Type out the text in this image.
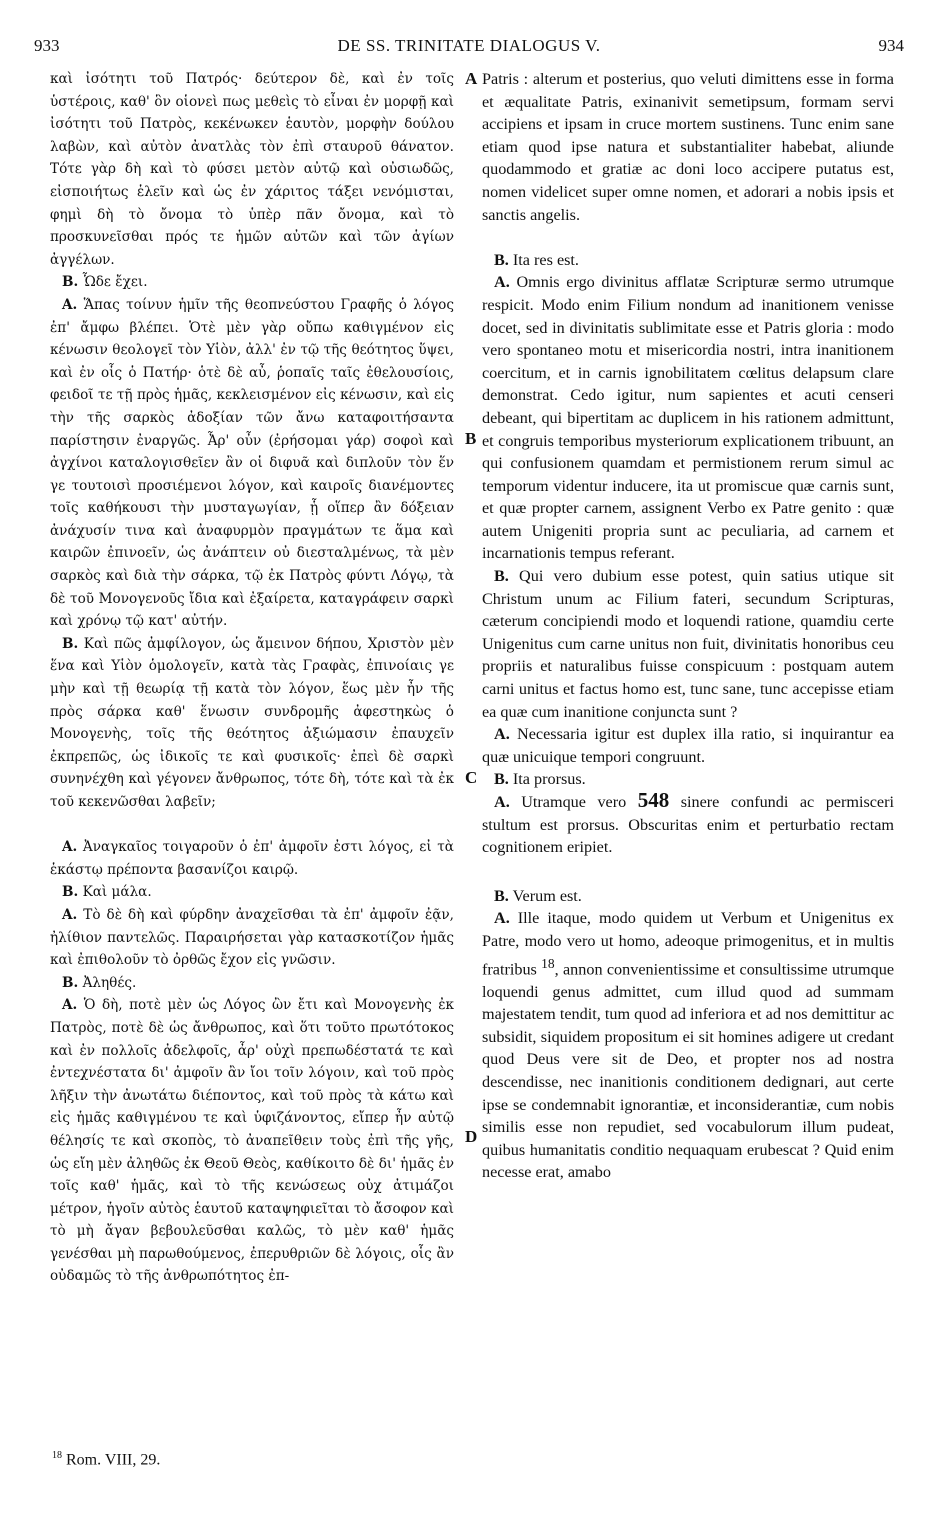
933	DE SS. TRINITATE DIALOGUS V.	934

καὶ ἰσότητι τοῦ Πατρός· δεύτερον δὲ, καὶ ἐν τοῖς ὑστέροις, καθ' ὃν οἱονεὶ πως μεθεὶς τὸ εἶναι ἐν μορφῇ καὶ ἰσότητι τοῦ Πατρὸς, κεκένωκεν ἑαυτὸν, μορφὴν δούλου λαβὼν, καὶ αὐτὸν ἀνατλὰς τὸν ἐπὶ σταυροῦ θάνατον. Τότε γὰρ δὴ καὶ τὸ φύσει μετὸν αὐτῷ καὶ οὐσιωδῶς, εἰσποιήτως ἑλεῖν καὶ ὡς ἐν χάριτος τάξει νενόμισται, φημὶ δὴ τὸ ὄνομα τὸ ὑπὲρ πᾶν ὄνομα, καὶ τὸ προσκυνεῖσθαι πρός τε ἡμῶν αὐτῶν καὶ τῶν ἁγίων ἀγγέλων.

B. Ὧδε ἔχει.

A. Ἅπας τοίνυν ἡμῖν τῆς θεοπνεύστου Γραφῆς ὁ λόγος ἐπ' ἄμφω βλέπει. Ὁτὲ μὲν γὰρ οὔπω καθιγμένον εἰς κένωσιν θεολογεῖ τὸν Υἱὸν, ἀλλ' ἐν τῷ τῆς θεότητος ὕψει, καὶ ἐν οἷς ὁ Πατήρ· ὁτὲ δὲ αὖ, ῥοπαῖς ταῖς ἐθελουσίοις, φειδοῖ τε τῇ πρὸς ἡμᾶς, κεκλεισμένον εἰς κένωσιν, καὶ εἰς τὴν τῆς σαρκὸς ἀδοξίαν τῶν ἄνω καταφοιτήσαντα παρίστησιν ἐναργῶς. Ἆρ' οὖν (ἐρήσομαι γάρ) σοφοὶ καὶ ἀγχίνοι καταλογισθεῖεν ἂν οἱ διφυᾶ καὶ διπλοῦν τὸν ἕν γε τουτοισὶ προσιέμενοι λόγον, καὶ καιροῖς διανέμοντες τοῖς καθήκουσι τὴν μυσταγωγίαν, ᾗ οἵπερ ἂν δόξειαν ἀνάχυσίν τινα καὶ ἀναφυρμὸν πραγμάτων τε ἅμα καὶ καιρῶν ἐπινοεῖν, ὡς ἀνάπτειν οὐ διεσταλμένως, τὰ μὲν σαρκὸς καὶ διὰ τὴν σάρκα, τῷ ἐκ Πατρὸς φύντι Λόγῳ, τὰ δὲ τοῦ Μονογενοῦς ἴδια καὶ ἐξαίρετα, καταγράφειν σαρκὶ καὶ χρόνῳ τῷ κατ' αὐτήν.

B. Καὶ πῶς ἀμφίλογον, ὡς ἄμεινον δήπου, Χριστὸν μὲν ἕνα καὶ Υἱὸν ὁμολογεῖν, κατὰ τὰς Γραφὰς, ἐπινοίαις γε μὴν καὶ τῇ θεωρίᾳ τῇ κατὰ τὸν λόγον, ἕως μὲν ἦν τῆς πρὸς σάρκα καθ' ἕνωσιν συνδρομῆς ἀφεστηκὼς ὁ Μονογενὴς, τοῖς τῆς θεότητος ἀξιώμασιν ἐπαυχεῖν ἐκπρεπῶς, ὡς ἰδικοῖς τε καὶ φυσικοῖς· ἐπεὶ δὲ σαρκὶ συνηνέχθη καὶ γέγονεν ἄνθρωπος, τότε δὴ, τότε καὶ τὰ ἐκ τοῦ κεκενῶσθαι λαβεῖν;

A. Ἀναγκαῖος τοιγαροῦν ὁ ἐπ' ἀμφοῖν ἐστι λόγος, εἰ τὰ ἑκάστῳ πρέποντα βασανίζοι καιρῷ.

B. Καὶ μάλα.

A. Τὸ δὲ δὴ καὶ φύρδην ἀναχεῖσθαι τὰ ἐπ' ἀμφοῖν ἐᾷν, ἠλίθιον παντελῶς. Παραιρήσεται γὰρ κατασκοτίζον ἡμᾶς καὶ ἐπιθολοῦν τὸ ὀρθῶς ἔχον εἰς γνῶσιν.

B. Ἀληθές.

A. Ὁ δὴ, ποτὲ μὲν ὡς Λόγος ὢν ἔτι καὶ Μονογενὴς ἐκ Πατρὸς, ποτὲ δὲ ὡς ἄνθρωπος, καὶ ὅτι τοῦτο πρωτότοκος καὶ ἐν πολλοῖς ἀδελφοῖς, ἆρ' οὐχὶ πρεπωδέστατά τε καὶ ἐντεχνέστατα δι' ἀμφοῖν ἂν ἴοι τοῖν λόγοιν, καὶ τοῦ πρὸς λῆξιν τὴν ἀνωτάτω διέποντος, καὶ τοῦ πρὸς τὰ κάτω καὶ εἰς ἡμᾶς καθιγμένου τε καὶ ὑφιζάνοντος, εἴπερ ἦν αὐτῷ θέλησίς τε καὶ σκοπὸς, τὸ ἀναπεῖθειν τοὺς ἐπὶ τῆς γῆς, ὡς εἴη μὲν ἀληθῶς ἐκ Θεοῦ Θεὸς, καθίκοιτο δὲ δι' ἡμᾶς ἐν τοῖς καθ' ἡμᾶς, καὶ τὸ τῆς κενώσεως οὐχ ἀτιμάζοι μέτρον, ἡγοῖν αὐτὸς ἑαυτοῦ καταψηφιεῖται τὸ ἄσοφον καὶ τὸ μὴ ἄγαν βεβουλεῦσθαι καλῶς, τὸ μὲν καθ' ἡμᾶς γενέσθαι μὴ παρωθούμενος, ἐπερυθριῶν δὲ λόγοις, οἷς ἂν οὐδαμῶς τὸ τῆς ἀνθρωπότητος ἐπ-

A
B
C
D

Patris : alterum et posterius, quo veluti dimittens esse in forma et æqualitate Patris, exinanivit semetipsum, formam servi accipiens et ipsam in cruce mortem sustinens. Tunc enim sane etiam quod ipse natura et substantialiter habebat, aliunde quodammodo et gratiæ ac doni loco accipere putatus est, nomen videlicet super omne nomen, et adorari a nobis ipsis et sanctis angelis.

B. Ita res est.

A. Omnis ergo divinitus afflatæ Scripturæ sermo utrumque respicit. Modo enim Filium nondum ad inanitionem venisse docet, sed in divinitatis sublimitate esse et Patris gloria : modo vero spontaneo motu et misericordia nostri, intra inanitionem coercitum, et in carnis ignobilitatem cœlitus delapsum clare demonstrat. Cedo igitur, num sapientes et acuti censeri debeant, qui bipertitam ac duplicem in his rationem admittunt, et congruis temporibus mysteriorum explicationem tribuunt, an qui confusionem quamdam et permistionem rerum simul ac temporum videntur inducere, ita ut promiscue quæ carnis sunt, et quæ propter carnem, assignent Verbo ex Patre genito : quæ autem Unigeniti propria sunt ac peculiaria, ad carnem et incarnationis tempus referant.

B. Qui vero dubium esse potest, quin satius utique sit Christum unum ac Filium fateri, secundum Scripturas, cæterum concipiendi modo et loquendi ratione, quamdiu certe Unigenitus cum carne unitus non fuit, divinitatis honoribus ceu propriis et naturalibus fuisse conspicuum : postquam autem carni unitus et factus homo est, tunc sane, tunc accepisse etiam ea quæ cum inanitione conjuncta sunt ?

A. Necessaria igitur est duplex illa ratio, si inquirantur ea quæ unicuique tempori congruunt.

B. Ita prorsus.

A. Utramque vero 548 sinere confundi ac permisceri stultum est prorsus. Obscuritas enim et perturbatio rectam cognitionem eripiet.

B. Verum est.

A. Ille itaque, modo quidem ut Verbum et Unigenitus ex Patre, modo vero ut homo, adeoque primogenitus, et in multis fratribus $^{18}$, annon convenientissime et consultissime utrumque loquendi genus admittet, cum illud quod ad summam majestatem tendit, tum quod ad inferiora et ad nos demittitur ac subsidit, siquidem propositum ei sit homines adigere ut credant quod Deus vere sit de Deo, et propter nos ad nostra descendisse, nec inanitionis conditionem dedignari, aut certe ipse se condemnabit ignorantiæ, et inconsiderantiæ, cum nobis similis esse non repudiet, sed vocabulorum illum pudeat, quibus humanitatis conditio nequaquam erubescat ? Quid enim necesse erat, amabo

$^{18}$ Rom. VIII, 29.
